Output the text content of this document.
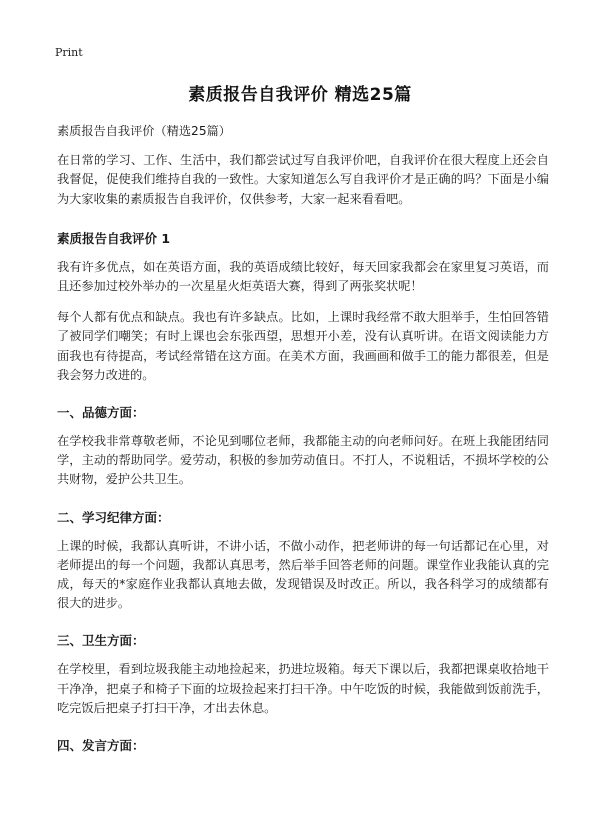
Print
素质报告自我评价 精选25篇
素质报告自我评价（精选25篇）

在日常的学习、工作、生活中，我们都尝试过写自我评价吧，自我评价在很大程度上还会自我督促，促使我们维持自我的一致性。大家知道怎么写自我评价才是正确的吗？下面是小编为大家收集的素质报告自我评价，仅供参考，大家一起来看看吧。

素质报告自我评价 1

我有许多优点，如在英语方面，我的英语成绩比较好，每天回家我都会在家里复习英语，而且还参加过校外举办的一次星星火炬英语大赛，得到了两张奖状呢！

每个人都有优点和缺点。我也有许多缺点。比如，上课时我经常不敢大胆举手，生怕回答错了被同学们嘲笑；有时上课也会东张西望，思想开小差，没有认真听讲。在语文阅读能力方面我也有待提高，考试经常错在这方面。在美术方面，我画画和做手工的能力都很差，但是我会努力改进的。

一、品德方面：

在学校我非常尊敬老师，不论见到哪位老师，我都能主动的向老师问好。在班上我能团结同学，主动的帮助同学。爱劳动，积极的参加劳动值日。不打人，不说粗话，不损坏学校的公共财物，爱护公共卫生。

二、学习纪律方面：

上课的时候，我都认真听讲，不讲小话，不做小动作，把老师讲的每一句话都记在心里，对老师提出的每一个问题，我都认真思考，然后举手回答老师的问题。课堂作业我能认真的完成，每天的*家庭作业我都认真地去做，发现错误及时改正。所以，我各科学习的成绩都有很大的进步。

三、卫生方面：

在学校里，看到垃圾我能主动地捡起来，扔进垃圾箱。每天下课以后，我都把课桌收拾地干干净净，把桌子和椅子下面的垃圾捡起来打扫干净。中午吃饭的时候，我能做到饭前洗手，吃完饭后把桌子打扫干净，才出去休息。

四、发言方面：
